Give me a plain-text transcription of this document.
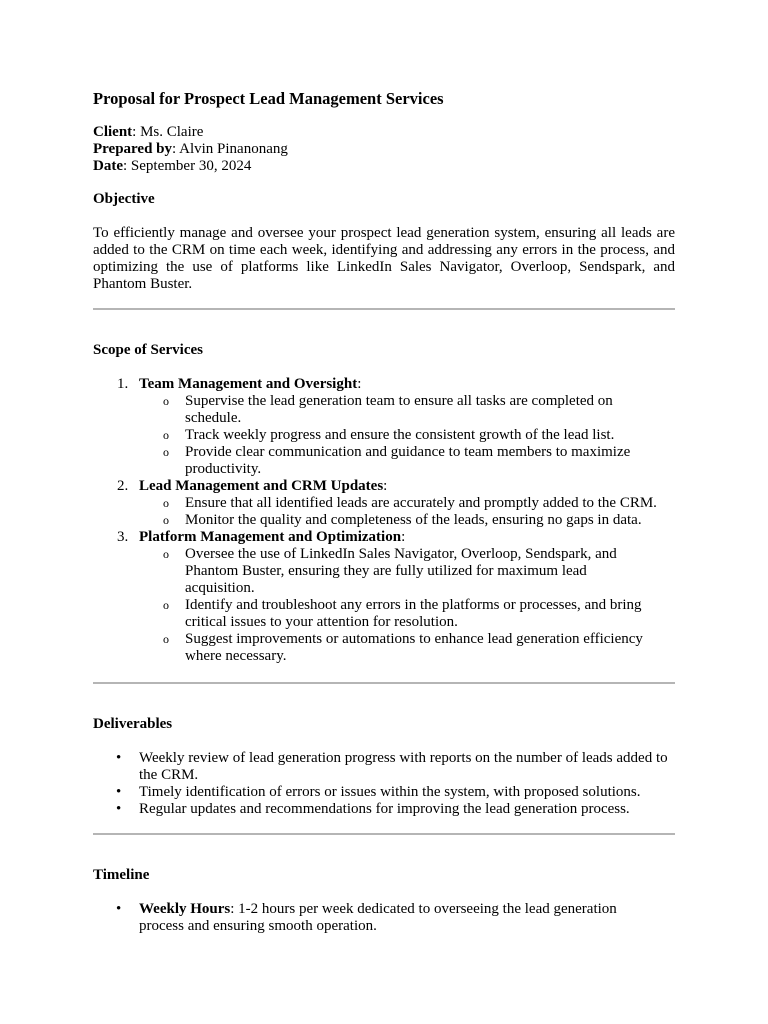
Proposal for Prospect Lead Management Services
Client: Ms. Claire
Prepared by: Alvin Pinanonang
Date: September 30, 2024
Objective

To efficiently manage and oversee your prospect lead generation system, ensuring all leads are added to the CRM on time each week, identifying and addressing any errors in the process, and optimizing the use of platforms like LinkedIn Sales Navigator, Overloop, Sendspark, and Phantom Buster.

Scope of Services
1. Team Management and Oversight:
o Supervise the lead generation team to ensure all tasks are completed on schedule.
o Track weekly progress and ensure the consistent growth of the lead list.
o Provide clear communication and guidance to team members to maximize productivity.
2. Lead Management and CRM Updates:
o Ensure that all identified leads are accurately and promptly added to the CRM.
o Monitor the quality and completeness of the leads, ensuring no gaps in data.
3. Platform Management and Optimization:
o Oversee the use of LinkedIn Sales Navigator, Overloop, Sendspark, and Phantom Buster, ensuring they are fully utilized for maximum lead acquisition.
o Identify and troubleshoot any errors in the platforms or processes, and bring critical issues to your attention for resolution.
o Suggest improvements or automations to enhance lead generation efficiency where necessary.
Deliverables
• Weekly review of lead generation progress with reports on the number of leads added to the CRM.
• Timely identification of errors or issues within the system, with proposed solutions.
• Regular updates and recommendations for improving the lead generation process.
Timeline
• Weekly Hours: 1-2 hours per week dedicated to overseeing the lead generation process and ensuring smooth operation.
